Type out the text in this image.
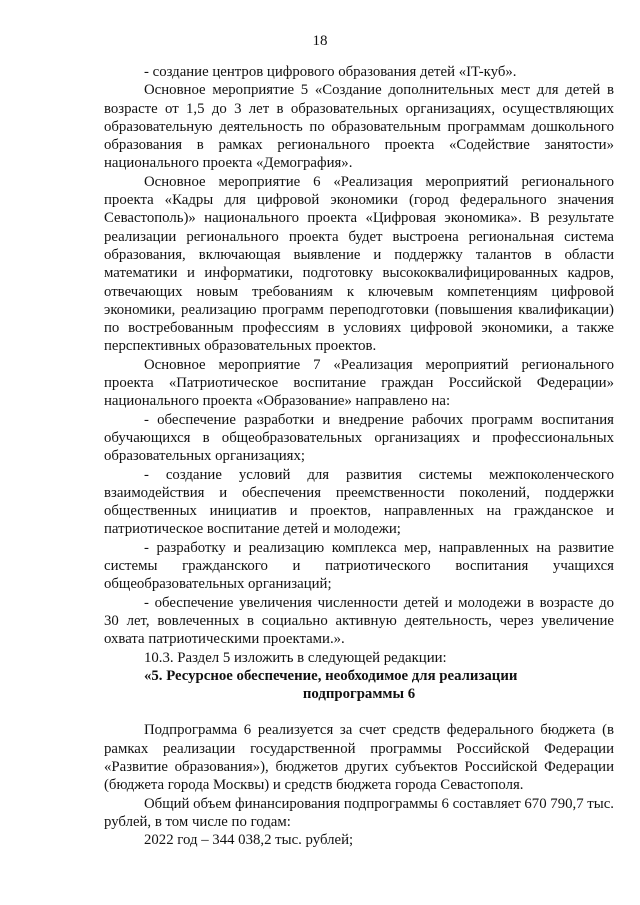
18

- создание центров цифрового образования детей «IT-куб».

Основное мероприятие 5 «Создание дополнительных мест для детей в возрасте от 1,5 до 3 лет в образовательных организациях, осуществляющих образовательную деятельность по образовательным программам дошкольного образования в рамках регионального проекта «Содействие занятости» национального проекта «Демография».

Основное мероприятие 6 «Реализация мероприятий регионального проекта «Кадры для цифровой экономики (город федерального значения Севастополь)» национального проекта «Цифровая экономика». В результате реализации регионального проекта будет выстроена региональная система образования, включающая выявление и поддержку талантов в области математики и информатики, подготовку высококвалифицированных кадров, отвечающих новым требованиям к ключевым компетенциям цифровой экономики, реализацию программ переподготовки (повышения квалификации) по востребованным профессиям в условиях цифровой экономики, а также перспективных образовательных проектов.

Основное мероприятие 7 «Реализация мероприятий регионального проекта «Патриотическое воспитание граждан Российской Федерации» национального проекта «Образование» направлено на:

- обеспечение разработки и внедрение рабочих программ воспитания обучающихся в общеобразовательных организациях и профессиональных образовательных организациях;

- создание условий для развития системы межпоколенческого взаимодействия и обеспечения преемственности поколений, поддержки общественных инициатив и проектов, направленных на гражданское и патриотическое воспитание детей и молодежи;

- разработку и реализацию комплекса мер, направленных на развитие системы гражданского и патриотического воспитания учащихся общеобразовательных организаций;

- обеспечение увеличения численности детей и молодежи в возрасте до 30 лет, вовлеченных в социально активную деятельность, через увеличение охвата патриотическими проектами.».

10.3. Раздел 5 изложить в следующей редакции:

«5. Ресурсное обеспечение, необходимое для реализации
подпрограммы 6

Подпрограмма 6 реализуется за счет средств федерального бюджета (в рамках реализации государственной программы Российской Федерации «Развитие образования»), бюджетов других субъектов Российской Федерации (бюджета города Москвы) и средств бюджета города Севастополя.

Общий объем финансирования подпрограммы 6 составляет 670 790,7 тыс. рублей, в том числе по годам:

2022 год – 344 038,2 тыс. рублей;
